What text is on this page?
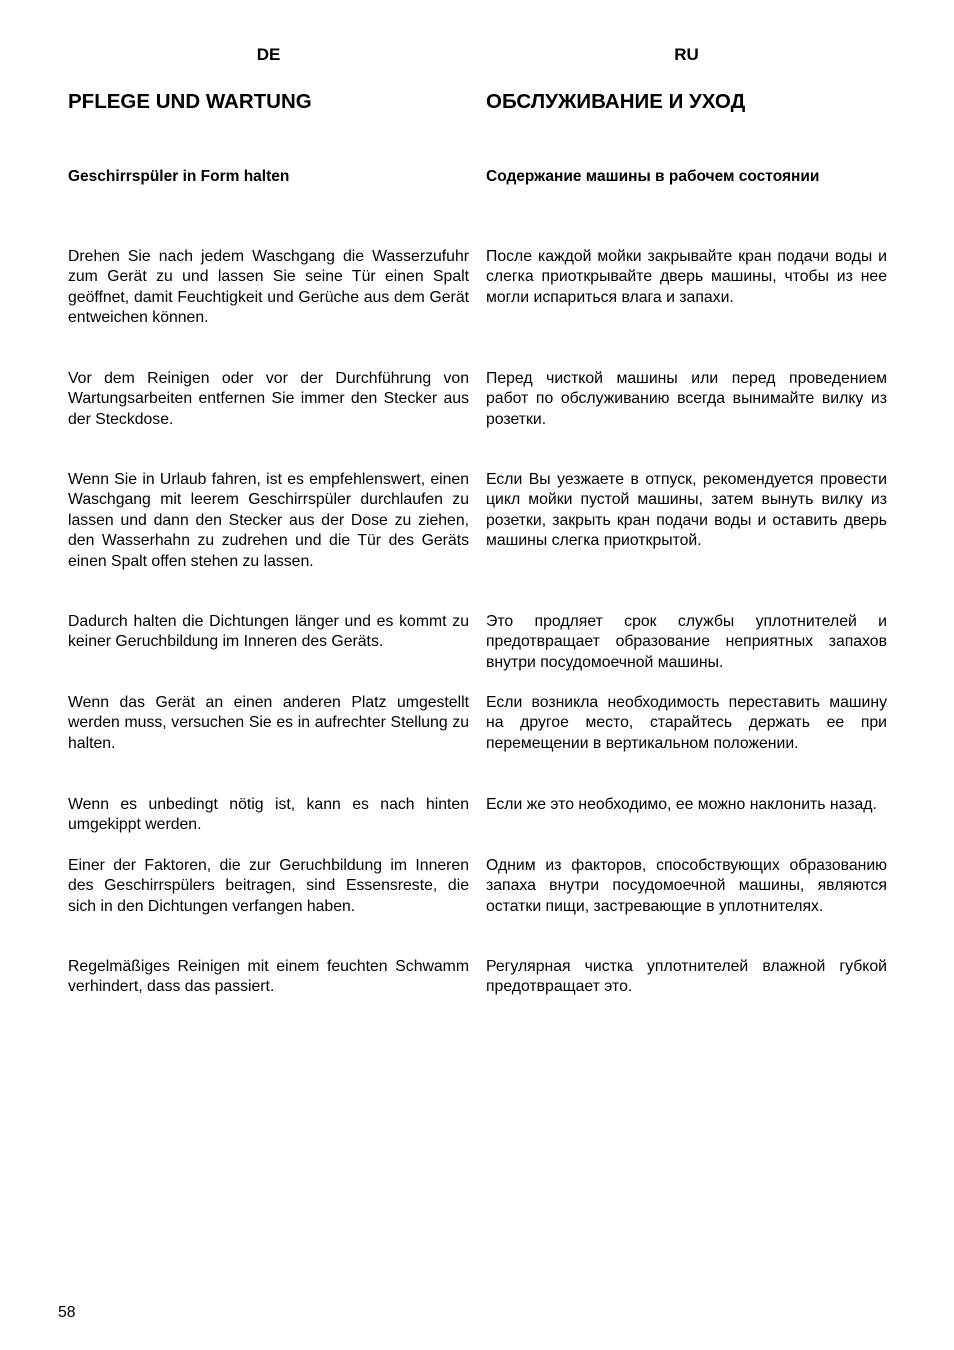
DE
PFLEGE UND WARTUNG
Geschirrspüler in Form halten

Drehen Sie nach jedem Waschgang die Wasserzufuhr zum Gerät zu und lassen Sie seine Tür einen Spalt geöffnet, damit Feuchtigkeit und Gerüche aus dem Gerät entweichen können.

Vor dem Reinigen oder vor der Durchführung von Wartungsarbeiten entfernen Sie immer den Stecker aus der Steckdose.

Wenn Sie in Urlaub fahren, ist es empfehlenswert, einen Waschgang mit leerem Geschirrspüler durchlaufen zu lassen und dann den Stecker aus der Dose zu ziehen, den Wasserhahn zu zudrehen und die Tür des Geräts einen Spalt offen stehen zu lassen.

Dadurch halten die Dichtungen länger und es kommt zu keiner Geruchbildung im Inneren des Geräts.

Wenn das Gerät an einen anderen Platz umgestellt werden muss, versuchen Sie es in aufrechter Stellung zu halten.

Wenn es unbedingt nötig ist, kann es nach hinten umgekippt werden.

Einer der Faktoren, die zur Geruchbildung im Inneren des Geschirrspülers beitragen, sind Essensreste, die sich in den Dichtungen verfangen haben.

Regelmäßiges Reinigen mit einem feuchten Schwamm verhindert, dass das passiert.

RU
ОБСЛУЖИВАНИЕ И УХОД
Содержание машины в рабочем состоянии

После каждой мойки закрывайте кран подачи воды и слегка приоткрывайте дверь машины, чтобы из нее могли испариться влага и запахи.

Перед чисткой машины или перед проведением работ по обслуживанию всегда вынимайте вилку из розетки.

Если Вы уезжаете в отпуск, рекомендуется провести цикл мойки пустой машины, затем вынуть вилку из розетки, закрыть кран подачи воды и оставить дверь машины слегка приоткрытой.

Это продляет срок службы уплотнителей и предотвращает образование неприятных запахов внутри посудомоечной машины.

Если возникла необходимость переставить машину на другое место, старайтесь держать ее при перемещении в вертикальном положении.

Если же это необходимо, ее можно наклонить назад.

Одним из факторов, способствующих образованию запаха внутри посудомоечной машины, являются остатки пищи, застревающие в уплотнителях.

Регулярная чистка уплотнителей влажной губкой предотвращает это.

58
